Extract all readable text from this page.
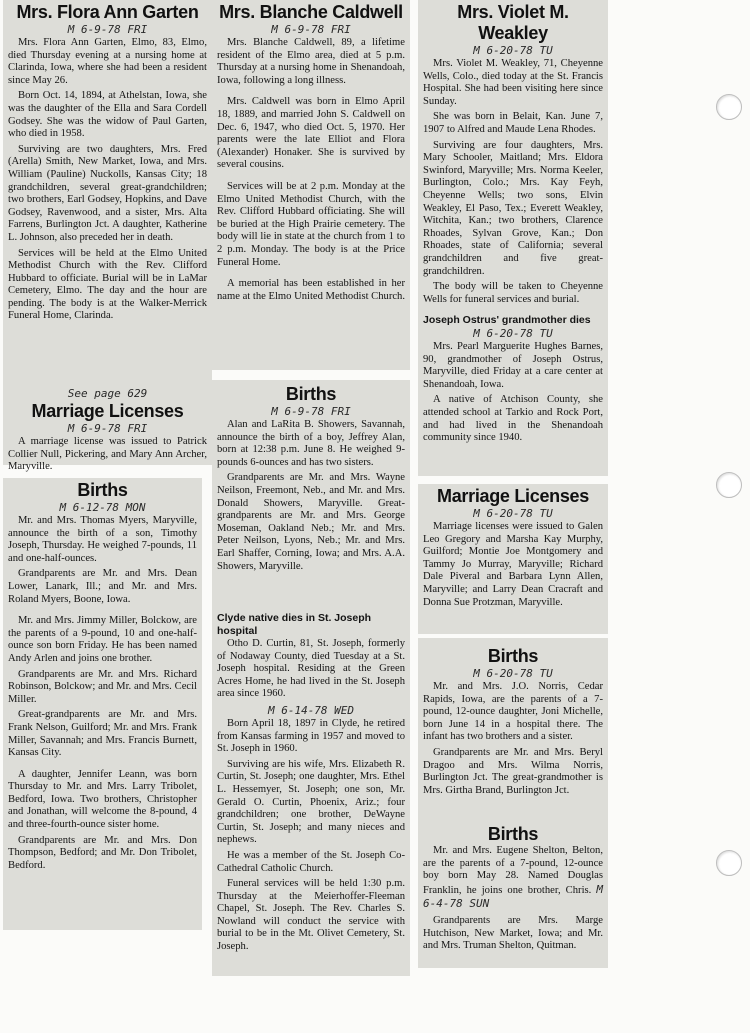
Mrs. Flora Ann Garten
M 6-9-78 FRI

Mrs. Flora Ann Garten, Elmo, 83, Elmo, died Thursday evening at a nursing home at Clarinda, Iowa, where she had been a resident since May 26.

Born Oct. 14, 1894, at Athelstan, Iowa, she was the daughter of the Ella and Sara Cordell Godsey. She was the widow of Paul Garten, who died in 1958.

Surviving are two daughters, Mrs. Fred (Arella) Smith, New Market, Iowa, and Mrs. William (Pauline) Nuckolls, Kansas City; 18 grandchildren, several great-grandchildren; two brothers, Earl Godsey, Hopkins, and Dave Godsey, Ravenwood, and a sister, Mrs. Alta Farrens, Burlington Jct. A daughter, Katherine L. Johnson, also preceded her in death.

Services will be held at the Elmo United Methodist Church with the Rev. Clifford Hubbard to officiate. Burial will be in LaMar Cemetery, Elmo. The day and the hour are pending. The body is at the Walker-Merrick Funeral Home, Clarinda.

See page 629
Marriage Licenses
M 6-9-78 FRI

A marriage license was issued to Patrick Collier Null, Pickering, and Mary Ann Archer, Maryville.

Births
M 6-12-78 MON

Mr. and Mrs. Thomas Myers, Maryville, announce the birth of a son, Timothy Joseph, Thursday. He weighed 7-pounds, 11 and one-half-ounces.

Grandparents are Mr. and Mrs. Dean Lower, Lanark, Ill.; and Mr. and Mrs. Roland Myers, Boone, Iowa.

Mr. and Mrs. Jimmy Miller, Bolckow, are the parents of a 9-pound, 10 and one-half-ounce son born Friday. He has been named Andy Arlen and joins one brother.

Grandparents are Mr. and Mrs. Richard Robinson, Bolckow; and Mr. and Mrs. Cecil Miller.

Great-grandparents are Mr. and Mrs. Frank Nelson, Guilford; Mr. and Mrs. Frank Miller, Savannah; and Mrs. Francis Burnett, Kansas City.

A daughter, Jennifer Leann, was born Thursday to Mr. and Mrs. Larry Tribolet, Bedford, Iowa. Two brothers, Christopher and Jonathan, will welcome the 8-pound, 4 and three-fourth-ounce sister home.

Grandparents are Mr. and Mrs. Don Thompson, Bedford; and Mr. Don Tribolet, Bedford.

Mrs. Blanche Caldwell
M 6-9-78 FRI

Mrs. Blanche Caldwell, 89, a lifetime resident of the Elmo area, died at 5 p.m. Thursday at a nursing home in Shenandoah, Iowa, following a long illness.

Mrs. Caldwell was born in Elmo April 18, 1889, and married John S. Caldwell on Dec. 6, 1947, who died Oct. 5, 1970. Her parents were the late Elliot and Flora (Alexander) Honaker. She is survived by several cousins.

Services will be at 2 p.m. Monday at the Elmo United Methodist Church, with the Rev. Clifford Hubbard officiating. She will be buried at the High Prairie cemetery. The body will lie in state at the church from 1 to 2 p.m. Monday. The body is at the Price Funeral Home.

A memorial has been established in her name at the Elmo United Methodist Church.

Births
M 6-9-78 FRI

Alan and LaRita B. Showers, Savannah, announce the birth of a boy, Jeffrey Alan, born at 12:38 p.m. June 8. He weighed 9-pounds 6-ounces and has two sisters.

Grandparents are Mr. and Mrs. Wayne Neilson, Freemont, Neb., and Mr. and Mrs. Donald Showers, Maryville. Great-grandparents are Mr. and Mrs. George Moseman, Oakland Neb.; Mr. and Mrs. Peter Neilson, Lyons, Neb.; Mr. and Mrs. Earl Shaffer, Corning, Iowa; and Mrs. A.A. Showers, Maryville.

Clyde native dies in St. Joseph hospital

Otho D. Curtin, 81, St. Joseph, formerly of Nodaway County, died Tuesday at a St. Joseph hospital. Residing at the Green Acres Home, he had lived in the St. Joseph area since 1960.

M 6-14-78 WED

Born April 18, 1897 in Clyde, he retired from Kansas farming in 1957 and moved to St. Joseph in 1960.

Surviving are his wife, Mrs. Elizabeth R. Curtin, St. Joseph; one daughter, Mrs. Ethel L. Hessemyer, St. Joseph; one son, Mr. Gerald O. Curtin, Phoenix, Ariz.; four grandchildren; one brother, DeWayne Curtin, St. Joseph; and many nieces and nephews.

He was a member of the St. Joseph Co-Cathedral Catholic Church.

Funeral services will be held 1:30 p.m. Thursday at the Meierhoffer-Fleeman Chapel, St. Joseph. The Rev. Charles S. Nowland will conduct the service with burial to be in the Mt. Olivet Cemetery, St. Joseph.

Mrs. Violet M. Weakley
M 6-20-78 TU

Mrs. Violet M. Weakley, 71, Cheyenne Wells, Colo., died today at the St. Francis Hospital. She had been visiting here since Sunday.

She was born in Belait, Kan. June 7, 1907 to Alfred and Maude Lena Rhodes.

Surviving are four daughters, Mrs. Mary Schooler, Maitland; Mrs. Eldora Swinford, Maryville; Mrs. Norma Keeler, Burlington, Colo.; Mrs. Kay Feyh, Cheyenne Wells; two sons, Elvin Weakley, El Paso, Tex.; Everett Weakley, Witchita, Kan.; two brothers, Clarence Rhoades, Sylvan Grove, Kan.; Don Rhoades, state of California; several grandchildren and five great-grandchildren.

The body will be taken to Cheyenne Wells for funeral services and burial.

Joseph Ostrus' grandmother dies
M 6-20-78 TU

Mrs. Pearl Marguerite Hughes Barnes, 90, grandmother of Joseph Ostrus, Maryville, died Friday at a care center at Shenandoah, Iowa.

A native of Atchison County, she attended school at Tarkio and Rock Port, and had lived in the Shenandoah community since 1940.

Marriage Licenses
M 6-20-78 TU

Marriage licenses were issued to Galen Leo Gregory and Marsha Kay Murphy, Guilford; Montie Joe Montgomery and Tammy Jo Murray, Maryville; Richard Dale Piveral and Barbara Lynn Allen, Maryville; and Larry Dean Cracraft and Donna Sue Protzman, Maryville.

Births
M 6-20-78 TU

Mr. and Mrs. J.O. Norris, Cedar Rapids, Iowa, are the parents of a 7-pound, 12-ounce daughter, Joni Michelle, born June 14 in a hospital there. The infant has two brothers and a sister.

Grandparents are Mr. and Mrs. Beryl Dragoo and Mrs. Wilma Norris, Burlington Jct. The great-grandmother is Mrs. Girtha Brand, Burlington Jct.

Births

Mr. and Mrs. Eugene Shelton, Belton, are the parents of a 7-pound, 12-ounce boy born May 28. Named Douglas Franklin, he joins one brother, Chris. M 6-4-78 SUN

Grandparents are Mrs. Marge Hutchison, New Market, Iowa; and Mr. and Mrs. Truman Shelton, Quitman.
